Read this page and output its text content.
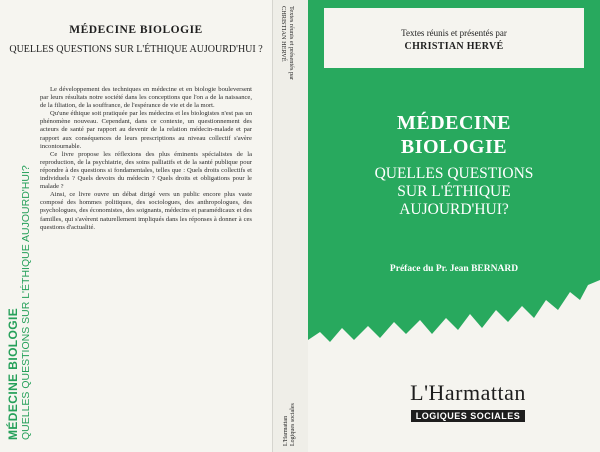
MÉDECINE BIOLOGIE
QUELLES QUESTIONS SUR L'ÉTHIQUE AUJOURD'HUI ?

Le développement des techniques en médecine et en biologie bouleversent par leurs résultats notre société dans les conceptions que l'on a de la naissance, de la filiation, de la souffrance, de l'espérance de vie et de la mort.

Qu'une éthique soit pratiquée par les médecins et les biologistes n'est pas un phénomène nouveau. Cependant, dans ce contexte, un questionnement des acteurs de santé par rapport au devenir de la relation médecin-malade et par rapport aux conséquences de leurs prescriptions au niveau collectif s'avère incontournable.

Ce livre propose les réflexions des plus éminents spécialistes de la reproduction, de la psychiatrie, des soins palliatifs et de la santé publique pour répondre à des questions si fondamentales, telles que : Quels droits collectifs et individuels ? Quels devoirs du médecin ? Quels droits et obligations pour le malade ?

Ainsi, ce livre ouvre un débat dirigé vers un public encore plus vaste composé des hommes politiques, des sociologues, des anthropologues, des psychologues, des économistes, des soignants, médecins et paramédicaux et des familles, qui s'avèrent naturellement impliqués dans les réponses à donner à ces questions d'actualité.

MÉDECINE BIOLOGIE QUELLES QUESTIONS SUR L'ÉTHIQUE AUJOURD'HUI?
Textes réunis et présentés par
CHRISTIAN HERVÉ
L'Harmattan Logiques sociales
Textes réunis et présentés par
CHRISTIAN HERVÉ
MÉDECINE
BIOLOGIE
QUELLES QUESTIONS
SUR L'ÉTHIQUE
AUJOURD'HUI?
Préface du Pr. Jean BERNARD
L'Harmattan
LOGIQUES SOCIALES
